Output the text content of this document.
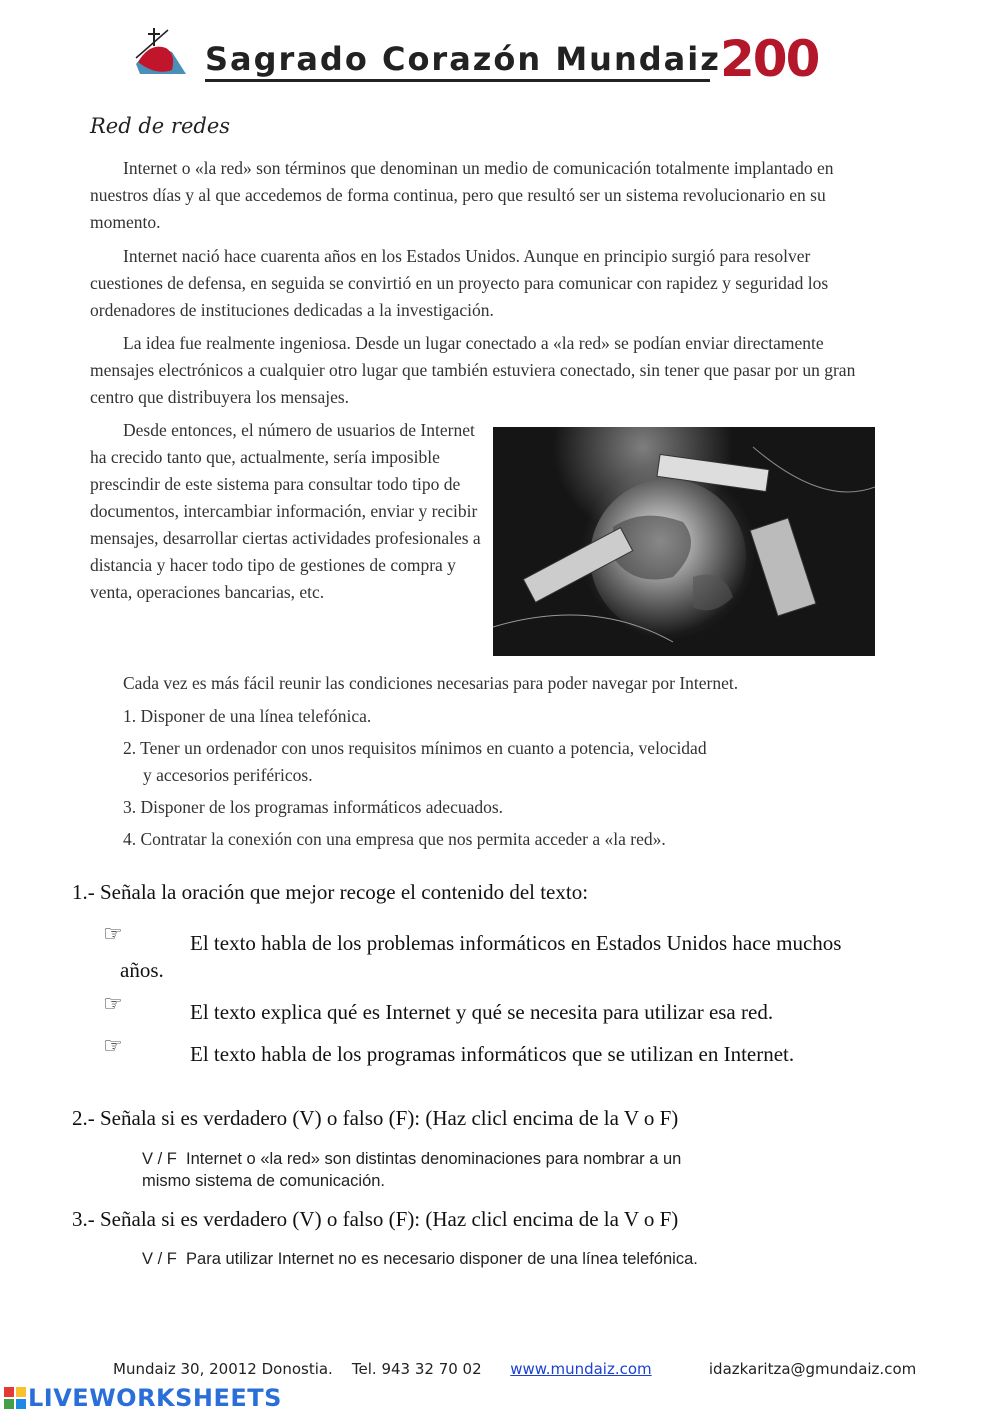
Sagrado Corazón Mundaiz 200
Red de redes
Internet o «la red» son términos que denominan un medio de comunicación totalmente implantado en nuestros días y al que accedemos de forma continua, pero que resultó ser un sistema revolucionario en su momento.
Internet nació hace cuarenta años en los Estados Unidos. Aunque en principio surgió para resolver cuestiones de defensa, en seguida se convirtió en un proyecto para comunicar con rapidez y seguridad los ordenadores de instituciones dedicadas a la investigación.
La idea fue realmente ingeniosa. Desde un lugar conectado a «la red» se podían enviar directamente mensajes electrónicos a cualquier otro lugar que también estuviera conectado, sin tener que pasar por un gran centro que distribuyera los mensajes.
Desde entonces, el número de usuarios de Internet ha crecido tanto que, actualmente, sería imposible prescindir de este sistema para consultar todo tipo de documentos, intercambiar información, enviar y recibir mensajes, desarrollar ciertas actividades profesionales a distancia y hacer todo tipo de gestiones de compra y venta, operaciones bancarias, etc.
Cada vez es más fácil reunir las condiciones necesarias para poder navegar por Internet.
1. Disponer de una línea telefónica.
2. Tener un ordenador con unos requisitos mínimos en cuanto a potencia, velocidad
y accesorios periféricos.
3. Disponer de los programas informáticos adecuados.
4. Contratar la conexión con una empresa que nos permita acceder a «la red».
1.- Señala la oración que mejor recoge el contenido del texto:
☞	El texto habla de los problemas informáticos en Estados Unidos hace muchos años.
☞	El texto explica qué es Internet y qué se necesita para utilizar esa red.
☞	El texto habla de los programas informáticos que se utilizan en Internet.
2.- Señala si es verdadero (V) o falso (F): (Haz clicl encima de la V o F)
V / F Internet o «la red» son distintas denominaciones para nombrar a un mismo sistema de comunicación.
3.- Señala si es verdadero (V) o falso (F): (Haz clicl encima de la V o F)
V / F Para utilizar Internet no es necesario disponer de una línea telefónica.
Mundaiz 30, 20012 Donostia. Tel. 943 32 70 02 www.mundaiz.com	idazkaritza@gmundaiz.com
LIVEWORKSHEETS
